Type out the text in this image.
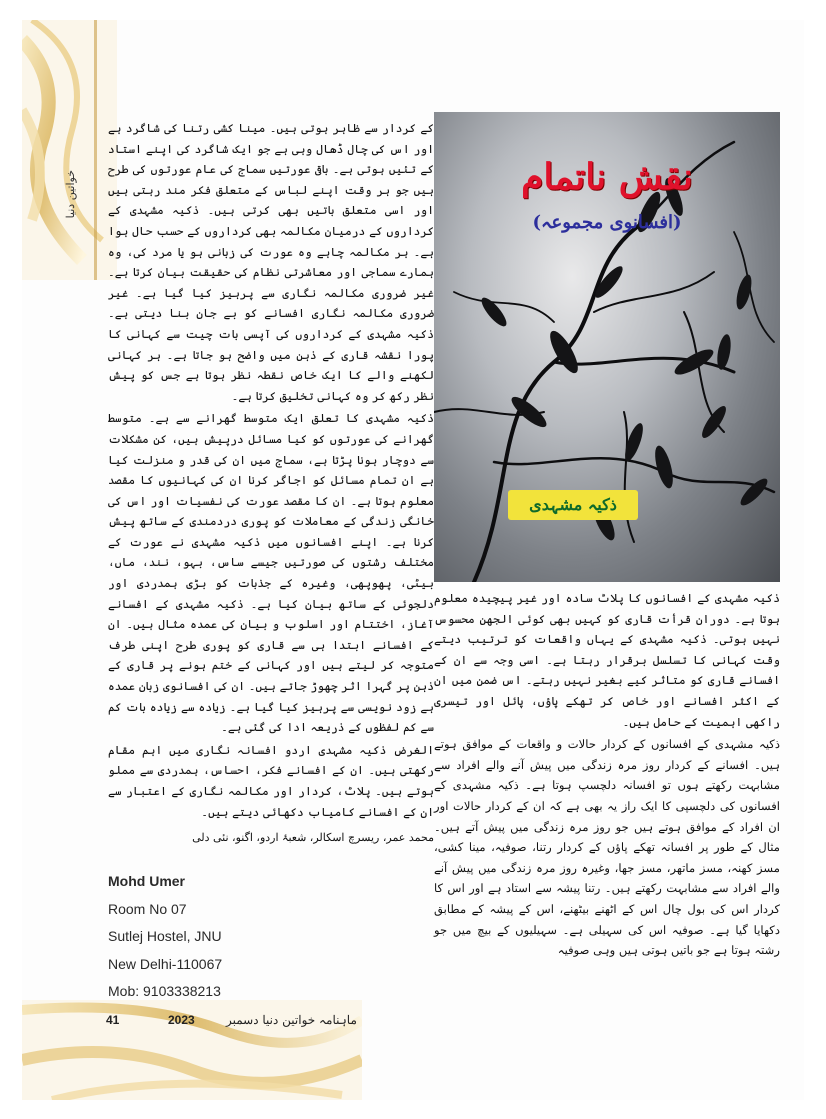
خواتین دنیا

کے کردار سے ظاہر ہوتی ہیں۔ مینا کشی رتنا کی شاگرد ہے اور اس کی چال ڈھال وہی ہے جو ایک شاگرد کی اپنے استاد کے تئیں ہوتی ہے۔ باقی عورتیں سماج کی عام عورتوں کی طرح ہیں جو ہر وقت اپنے لباس کے متعلق فکر مند رہتی ہیں اور اسی متعلق باتیں بھی کرتی ہیں۔ ذکیہ مشہدی کے کرداروں کے درمیان مکالمہ بھی کرداروں کے حسب حال ہوا ہے۔ ہر مکالمہ چاہے وہ عورت کی زبانی ہو یا مرد کی، وہ ہمارے سماجی اور معاشرتی نظام کی حقیقت بیان کرتا ہے۔ غیر ضروری مکالمہ نگاری سے پرہیز کیا گیا ہے۔ غیر ضروری مکالمہ نگاری افسانے کو بے جان بنا دیتی ہے۔ ذکیہ مشہدی کے کرداروں کی آپسی بات چیت سے کہانی کا پورا نقشہ قاری کے ذہن میں واضح ہو جاتا ہے۔ ہر کہانی لکھنے والے کا ایک خاص نقطہ نظر ہوتا ہے جس کو پیش نظر رکھ کر وہ کہانی تخلیق کرتا ہے۔

ذکیہ مشہدی کا تعلق ایک متوسط گھرانے سے ہے۔ متوسط گھرانے کی عورتوں کو کیا مسائل درپیش ہیں، کن مشکلات سے دوچار ہونا پڑتا ہے، سماج میں ان کی قدر و منزلت کیا ہے ان تمام مسائل کو اجاگر کرنا ان کی کہانیوں کا مقصد معلوم ہوتا ہے۔ ان کا مقصد عورت کی نفسیات اور اس کی خانگی زندگی کے معاملات کو پوری دردمندی کے ساتھ پیش کرنا ہے۔ اپنے افسانوں میں ذکیہ مشہدی نے عورت کے مختلف رشتوں کی صورتیں جیسے ساس، بہو، نند، ماں، بیٹی، پھوپھی، وغیرہ کے جذبات کو بڑی ہمدردی اور دلجوئی کے ساتھ بیان کیا ہے۔ ذکیہ مشہدی کے افسانے آغاز، اختتام اور اسلوب و بیان کی عمدہ مثال ہیں۔ ان کے افسانے ابتدا ہی سے قاری کو پوری طرح اپنی طرف متوجہ کر لیتے ہیں اور کہانی کے ختم ہونے پر قاری کے ذہن پر گہرا اثر چھوڑ جاتے ہیں۔ ان کی افسانوی زبان عمدہ ہے زود نویسی سے پرہیز کیا گیا ہے۔ زیادہ سے زیادہ بات کم سے کم لفظوں کے ذریعہ ادا کی گئی ہے۔

الغرض ذکیہ مشہدی اردو افسانہ نگاری میں اہم مقام رکھتی ہیں۔ ان کے افسانے فکر، احساس، ہمدردی سے مملو ہوتے ہیں۔ پلاٹ، کردار اور مکالمہ نگاری کے اعتبار سے ان کے افسانے کامیاب دکھائی دیتے ہیں۔

محمد عمر، ریسرچ اسکالر، شعبۂ اردو، اگنو، نئی دلی
نقش ناتمام
(افسانوی مجموعہ)
ذکیہ مشہدی

ذکیہ مشہدی کے افسانوں کا پلاٹ سادہ اور غیر پیچیدہ معلوم ہوتا ہے۔ دوران قرأت قاری کو کہیں بھی کوئی الجھن محسوس نہیں ہوتی۔ ذکیہ مشہدی کے یہاں واقعات کو ترتیب دیتے وقت کہانی کا تسلسل برقرار رہتا ہے۔ اسی وجہ سے ان کے افسانے قاری کو متاثر کیے بغیر نہیں رہتے۔ اس ضمن میں ان کے اکثر افسانے اور خاص کر تھکے پاؤں، پائل اور تیسری راکھی اہمیت کے حامل ہیں۔

ذکیہ مشہدی کے افسانوں کے کردار حالات و واقعات کے موافق ہوتے ہیں۔ افسانے کے کردار روز مرہ زندگی میں پیش آنے والے افراد سے مشابہت رکھتے ہوں تو افسانہ دلچسپ ہوتا ہے۔ ذکیہ مشہدی کے افسانوں کی دلچسپی کا ایک راز یہ بھی ہے کہ ان کے کردار حالات اور ان افراد کے موافق ہوتے ہیں جو روز مرہ زندگی میں پیش آتے ہیں۔ مثال کے طور پر افسانہ تھکے پاؤں کے کردار رتنا، صوفیہ، مینا کشی، مسز کھنہ، مسز ماتھر، مسز جھا، وغیرہ روز مرہ زندگی میں پیش آنے والے افراد سے مشابہت رکھتے ہیں۔ رتنا پیشہ سے استاد ہے اور اس کا کردار اس کی بول چال اس کے اٹھنے بیٹھنے، اس کے پیشہ کے مطابق دکھایا گیا ہے۔ صوفیہ اس کی سہیلی ہے۔ سہیلیوں کے بیچ میں جو رشتہ ہوتا ہے جو باتیں ہوتی ہیں وہی صوفیہ

Mohd Umer
Room No 07
Sutlej Hostel, JNU
New Delhi-110067
Mob: 9103338213
41	2023	ماہنامہ خواتین دنیا دسمبر
